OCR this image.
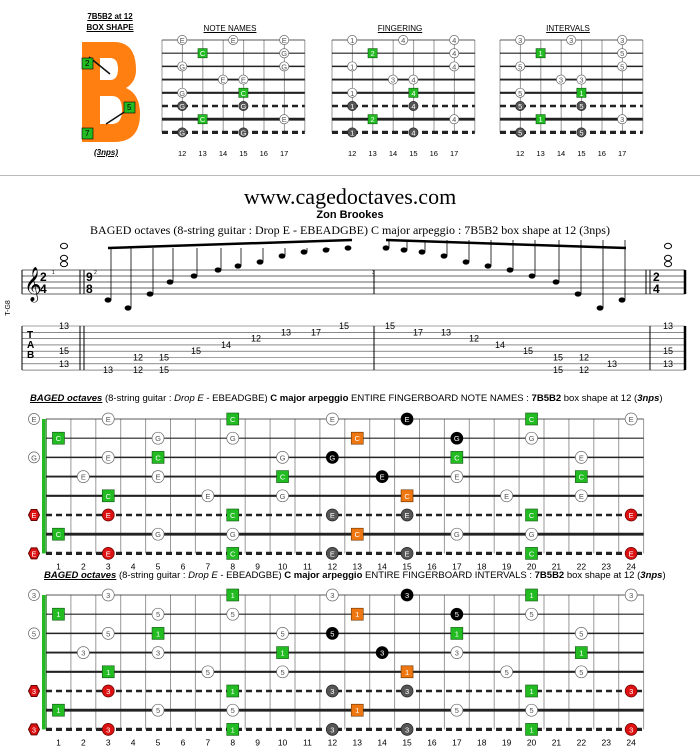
7B5B2 at 12
BOX SHAPE
2
5
7
(3nps)
NOTE NAMES	FINGERING	INTERVALS
12 13 14 15 16 17
E	E	E
C	G
G	G
E E
C
G
G	G
C	E
G	G
12 13 14 15 16 17
1	4	4
2	4
1	4
3 4
4
1
1	4
2	4
1	4
12 13 14 15 16 17
3	3	3
1	5
5	5
3 3
1
5
5	5
1	3
5	5
www.cagedoctaves.com
Zon Brookes
BAGED octaves (8-string guitar : Drop E - EBEADGBE) C major arpeggio : 7B5B2 box shape at 12 (3nps)
T-G8
𝄞
2
4
9
8
2
4
1	2	3
T
A
B
13
15
13
13 12 15
12 15
15
14
12
13 17
15	15
17 13
12
14
15
15 12
15 12
13
13
15
13
BAGED octaves (8-string guitar : Drop E - EBEADGBE) C major arpeggio ENTIRE FINGERBOARD NOTE NAMES : 7B5B2 box shape at 12 (3nps)
1 2 3 4 5 6 7 8 9 10 11 12 13 14 15 16 17 18 19 20 21 22 23 24
E
G
E
E
E	C	E	E	C	E
C	G	G	C	G	G
E	C	G	G	C	E
E	E	C	E	E	C
C	E	G	C	E	E
E	C	E	E	C	E
C	G	G	C	G	G
E	C	E	E	C	E
BAGED octaves (8-string guitar : Drop E - EBEADGBE) C major arpeggio ENTIRE FINGERBOARD INTERVALS : 7B5B2 box shape at 12 (3nps)
1 2 3 4 5 6 7 8 9 10 11 12 13 14 15 16 17 18 19 20 21 22 23 24
3
5
3
3
3	1	3	3	1	3
1	5	5	1	5	5
5	1	5	5	1	5
3	3	1	3	3	1
1	5	5	1	5	5
3	1	3	3	1	3
1	5	5	1	5	5
3	1	3	3	1	3
